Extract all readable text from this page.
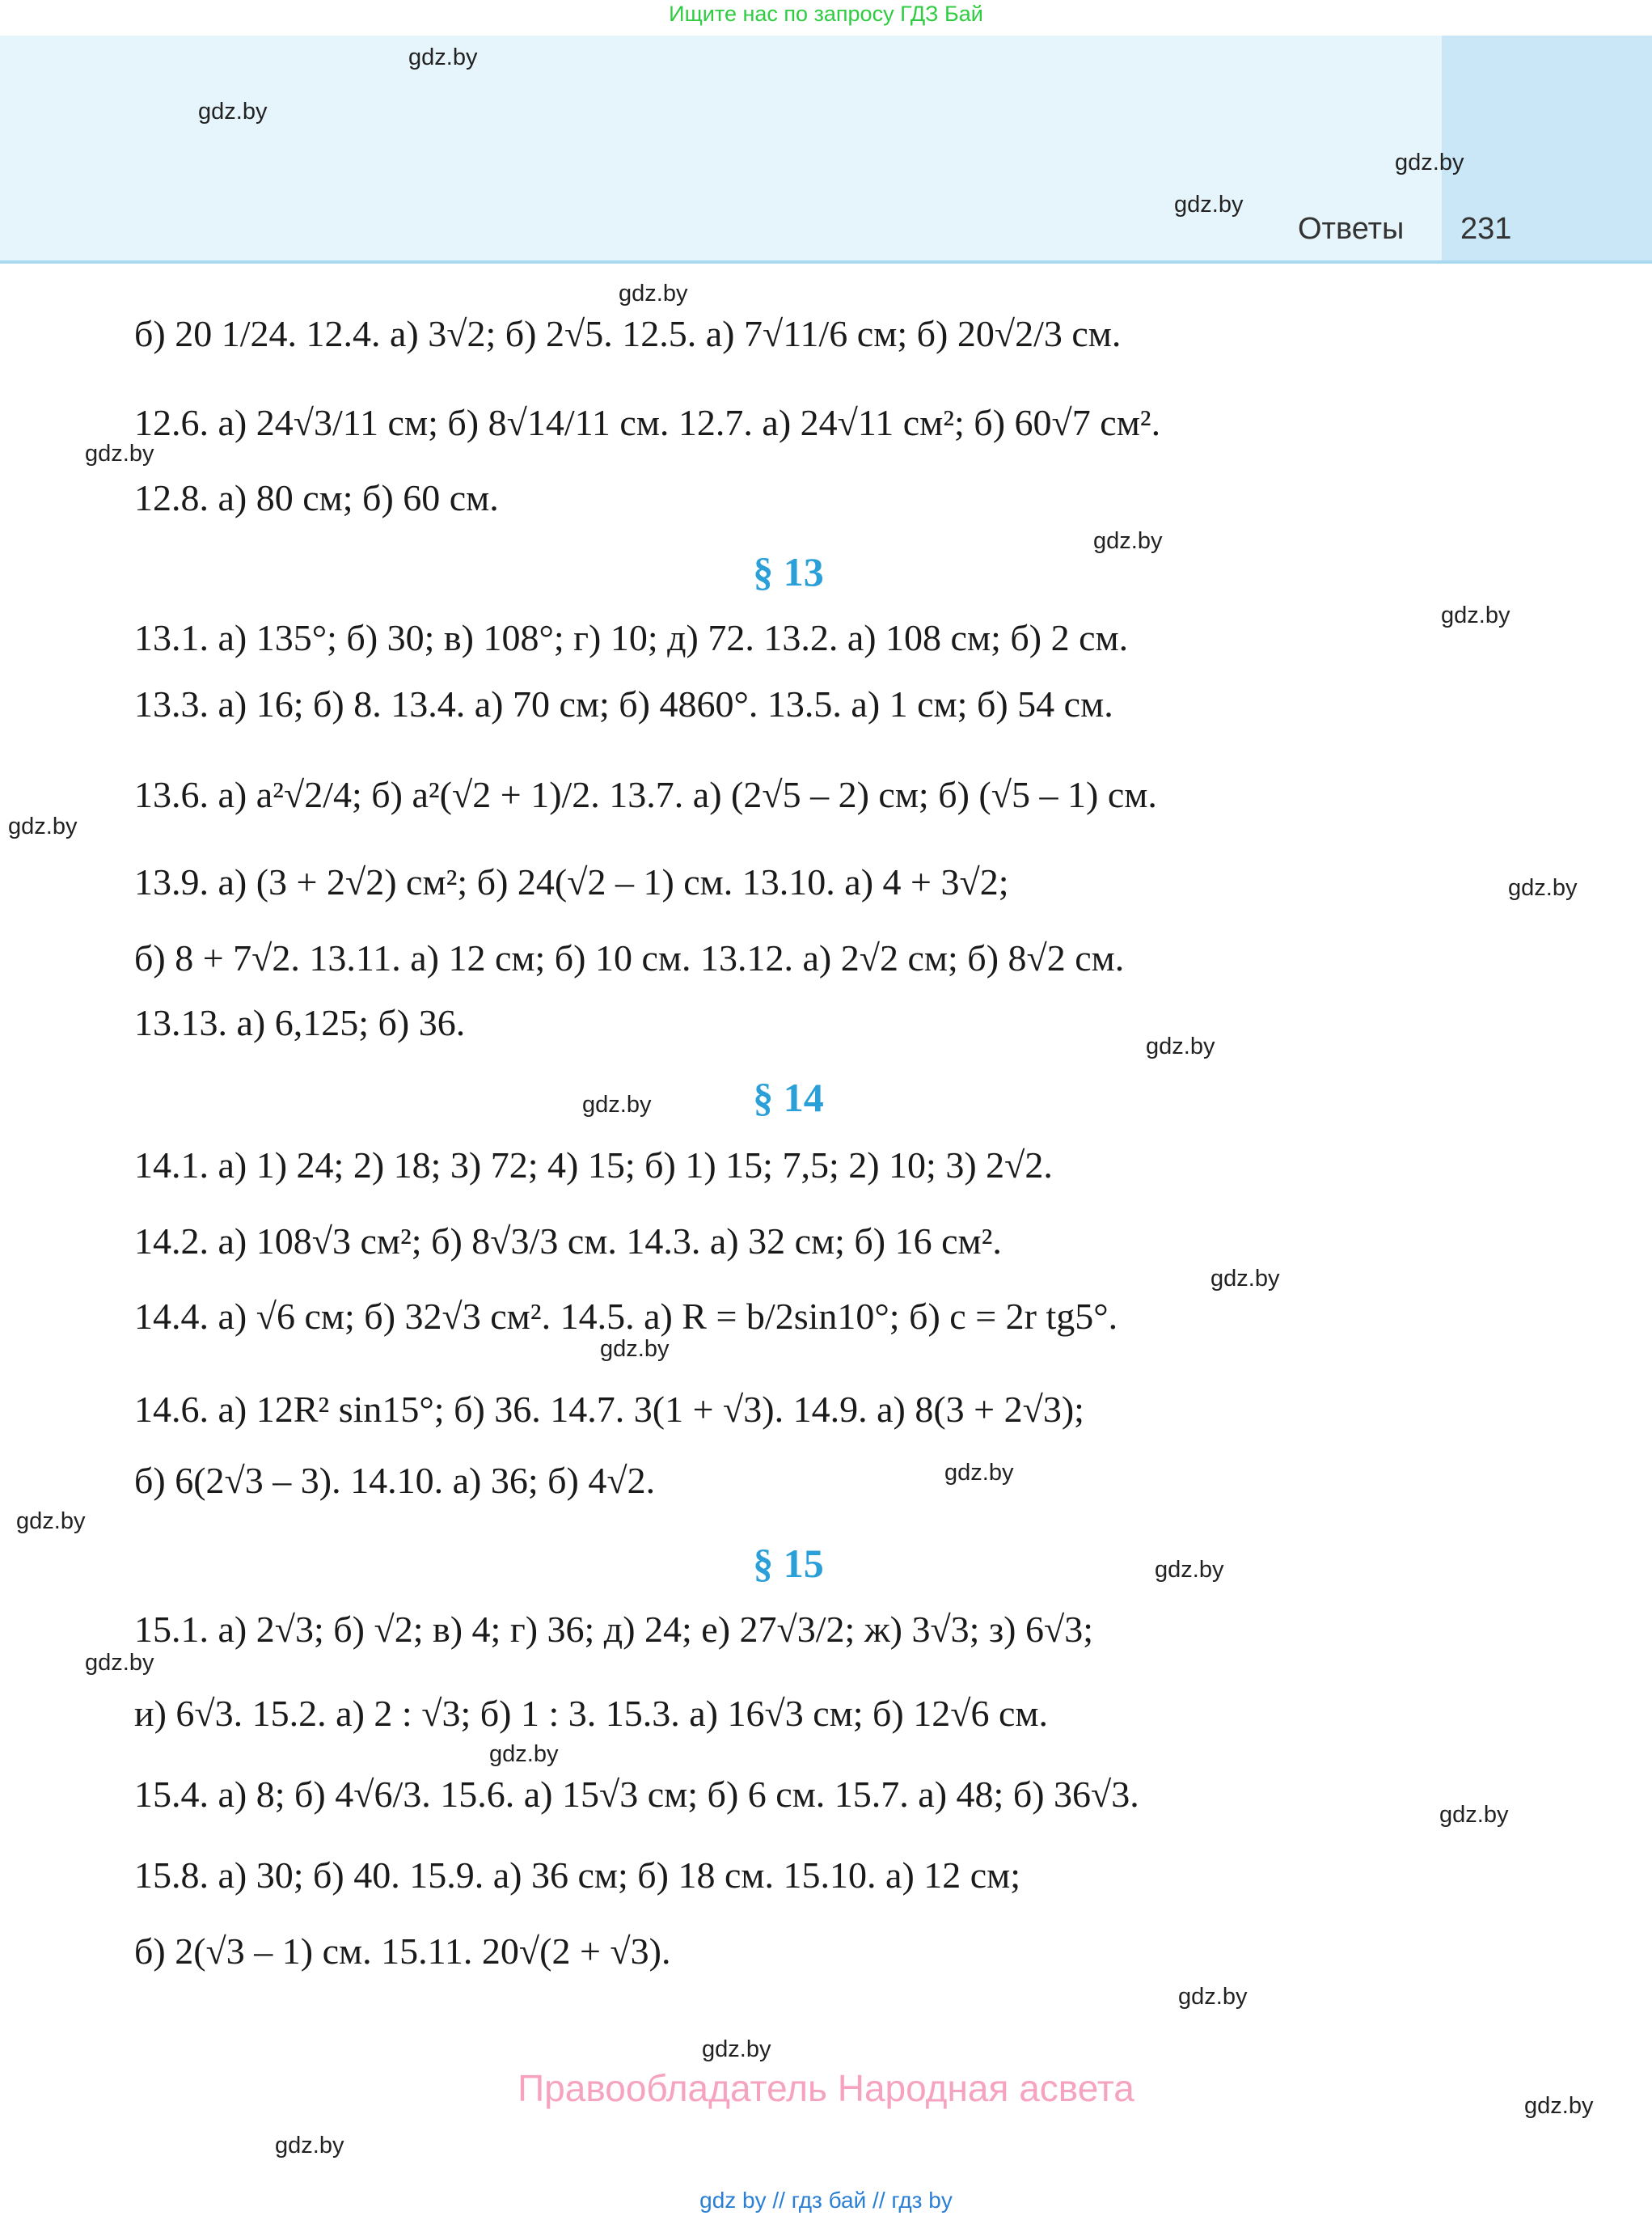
Ищите нас по запросу ГДЗ Бай
Ответы 231
gdz.by
gdz.by
gdz.by
gdz.by
gdz.by
gdz.by
gdz.by
gdz.by
gdz.by
gdz.by
gdz.by
gdz.by
gdz.by
gdz.by
gdz.by
gdz.by
gdz.by
gdz.by
gdz.by
gdz.by
gdz.by
gdz.by
gdz.by
gdz.by
б) 20 1/24. 12.4. а) 3√2; б) 2√5. 12.5. а) 7√11/6 см; б) 20√2/3 см.
12.6. а) 24√3/11 см; б) 8√14/11 см. 12.7. а) 24√11 см²; б) 60√7 см².
12.8. а) 80 см; б) 60 см.
§ 13
13.1. а) 135°; б) 30; в) 108°; г) 10; д) 72. 13.2. а) 108 см; б) 2 см.
13.3. а) 16; б) 8. 13.4. а) 70 см; б) 4860°. 13.5. а) 1 см; б) 54 см.
13.6. а) a²√2/4; б) a²(√2 + 1)/2. 13.7. а) (2√5 – 2) см; б) (√5 – 1) см.
13.9. а) (3 + 2√2) см²; б) 24(√2 – 1) см. 13.10. а) 4 + 3√2;
б) 8 + 7√2. 13.11. а) 12 см; б) 10 см. 13.12. а) 2√2 см; б) 8√2 см.
13.13. а) 6,125; б) 36.
§ 14
14.1. а) 1) 24; 2) 18; 3) 72; 4) 15; б) 1) 15; 7,5; 2) 10; 3) 2√2.
14.2. а) 108√3 см²; б) 8√3/3 см. 14.3. а) 32 см; б) 16 см².
14.4. а) √6 см; б) 32√3 см². 14.5. а) R = b/2sin10°; б) c = 2r tg5°.
14.6. а) 12R² sin15°; б) 36. 14.7. 3(1 + √3). 14.9. а) 8(3 + 2√3);
б) 6(2√3 – 3). 14.10. а) 36; б) 4√2.
§ 15
15.1. а) 2√3; б) √2; в) 4; г) 36; д) 24; е) 27√3/2; ж) 3√3; з) 6√3;
и) 6√3. 15.2. а) 2 : √3; б) 1 : 3. 15.3. а) 16√3 см; б) 12√6 см.
15.4. а) 8; б) 4√6/3. 15.6. а) 15√3 см; б) 6 см. 15.7. а) 48; б) 36√3.
15.8. а) 30; б) 40. 15.9. а) 36 см; б) 18 см. 15.10. а) 12 см;
б) 2(√3 – 1) см. 15.11. 20√(2 + √3).
Правообладатель Народная асвета
gdz by // гдз бай // гдз by
